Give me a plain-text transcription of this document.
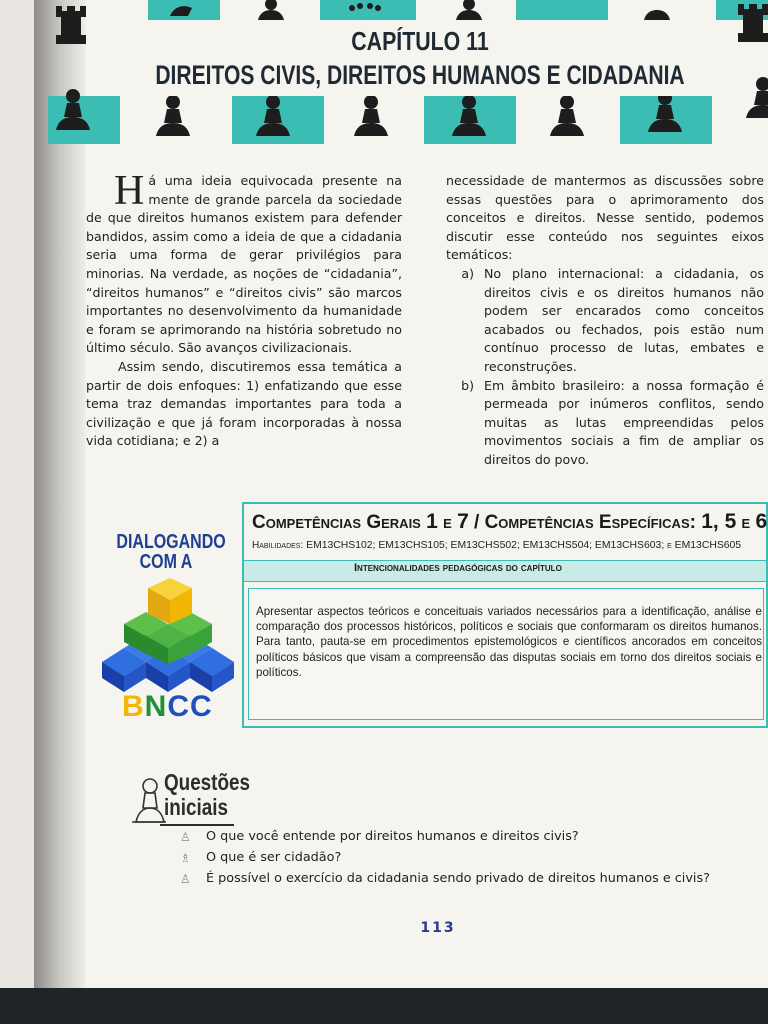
CAPÍTULO 11
DIREITOS CIVIS, DIREITOS HUMANOS E CIDADANIA

Há uma ideia equivocada presente na mente de grande parcela da sociedade de que direitos humanos existem para defender bandidos, assim como a ideia de que a cidadania seria uma forma de gerar privilégios para minorias. Na verdade, as noções de “cidadania”, “direitos humanos” e “direitos civis” são marcos importantes no desenvolvimento da humanidade e foram se aprimorando na história sobretudo no último século. São avanços civilizacionais.

Assim sendo, discutiremos essa temática a partir de dois enfoques: 1) enfatizando que esse tema traz demandas importantes para toda a civilização e que já foram incorporadas à nossa vida cotidiana; e 2) a

necessidade de mantermos as discussões sobre essas questões para o aprimoramento dos conceitos e direitos. Nesse sentido, podemos discutir esse conteúdo nos seguintes eixos temáticos:

a) No plano internacional: a cidadania, os direitos civis e os direitos humanos não podem ser encarados como conceitos acabados ou fechados, pois estão num contínuo processo de lutas, embates e reconstruções.
b) Em âmbito brasileiro: a nossa formação é permeada por inúmeros conflitos, sendo muitas as lutas empreendidas pelos movimentos sociais a fim de ampliar os direitos do povo.
DIALOGANDO
COM A
BNCC
Competências Gerais 1 e 7 / Competências Específicas: 1, 5 e 6
Habilidades: EM13CHS102; EM13CHS105; EM13CHS502; EM13CHS504; EM13CHS603; e EM13CHS605
Intencionalidades pedagógicas do capítulo
Apresentar aspectos teóricos e conceituais variados necessários para a identificação, análise e comparação dos processos históricos, políticos e sociais que conformaram os direitos humanos. Para tanto, pauta-se em procedimentos epistemológicos e científicos ancorados em conceitos políticos básicos que visam a compreensão das disputas sociais em torno dos direitos sociais e políticos.
Questões
iniciais
♙	O que você entende por direitos humanos e direitos civis?
♗	O que é ser cidadão?
♙	É possível o exercício da cidadania sendo privado de direitos humanos e civis?
113
